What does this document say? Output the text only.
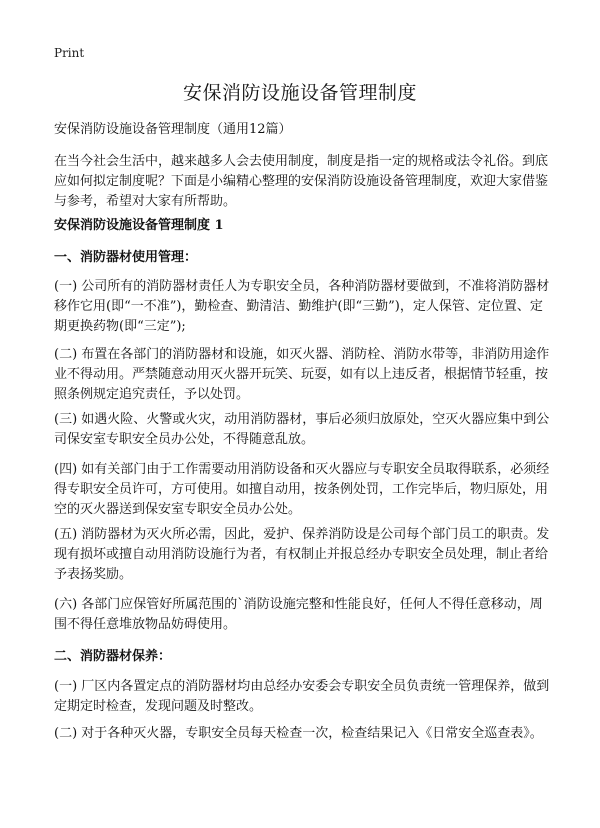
Print
安保消防设施设备管理制度
安保消防设施设备管理制度（通用12篇）
在当今社会生活中，越来越多人会去使用制度，制度是指一定的规格或法令礼俗。到底应如何拟定制度呢？下面是小编精心整理的安保消防设施设备管理制度，欢迎大家借鉴与参考，希望对大家有所帮助。
安保消防设施设备管理制度 1
一、消防器材使用管理：
(一) 公司所有的消防器材责任人为专职安全员，各种消防器材要做到，不准将消防器材移作它用(即“一不准”)，勤检查、勤清洁、勤维护(即“三勤”)，定人保管、定位置、定期更换药物(即“三定”);
(二) 布置在各部门的消防器材和设施，如灭火器、消防栓、消防水带等，非消防用途作业不得动用。严禁随意动用灭火器开玩笑、玩耍，如有以上违反者，根据情节轻重，按照条例规定追究责任，予以处罚。
(三) 如遇火险、火警或火灾，动用消防器材，事后必须归放原处，空灭火器应集中到公司保安室专职安全员办公处，不得随意乱放。
(四) 如有关部门由于工作需要动用消防设备和灭火器应与专职安全员取得联系，必须经得专职安全员许可，方可使用。如擅自动用，按条例处罚，工作完毕后，物归原处，用空的灭火器送到保安室专职安全员办公处。
(五) 消防器材为灭火所必需，因此，爱护、保养消防设是公司每个部门员工的职责。发现有损坏或擅自动用消防设施行为者，有权制止并报总经办专职安全员处理，制止者给予表扬奖励。
(六) 各部门应保管好所属范围的`消防设施完整和性能良好，任何人不得任意移动，周围不得任意堆放物品妨碍使用。
二、消防器材保养：
(一) 厂区内各置定点的消防器材均由总经办安委会专职安全员负责统一管理保养，做到定期定时检查，发现问题及时整改。
(二) 对于各种灭火器，专职安全员每天检查一次，检查结果记入《日常安全巡查表》。
